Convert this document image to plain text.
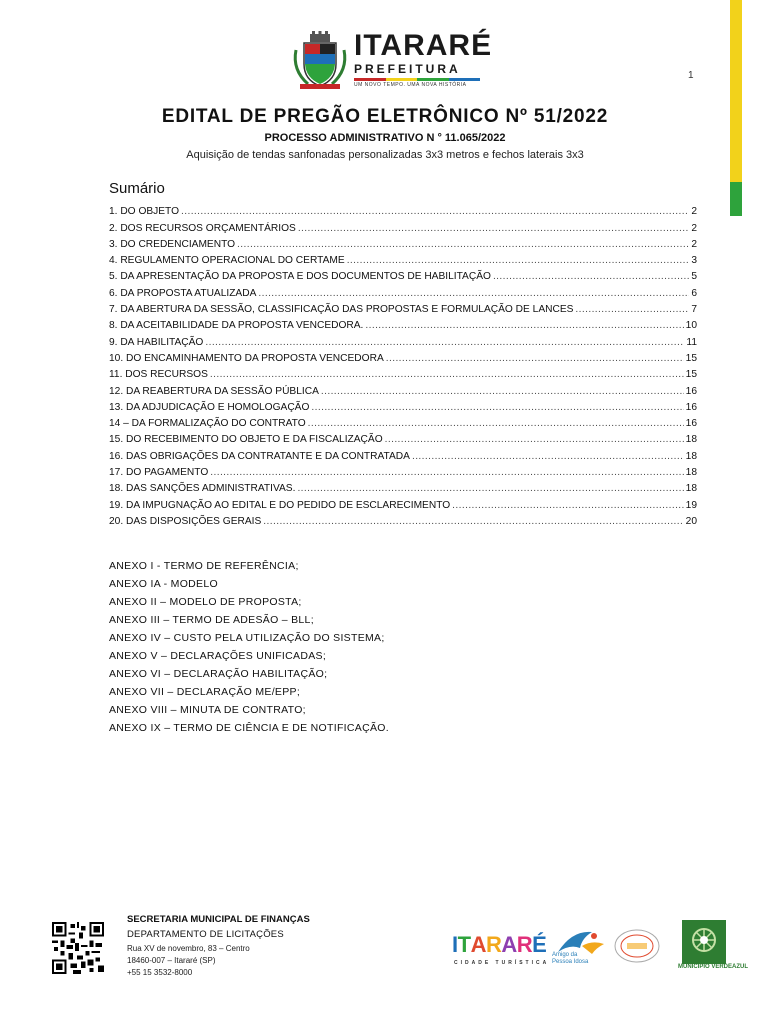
ITARARÉ
PREFEITURA
UM NOVO TEMPO. UMA NOVA HISTÓRIA
1
EDITAL DE PREGÃO ELETRÔNICO Nº 51/2022
PROCESSO ADMINISTRATIVO N ° 11.065/2022
Aquisição de tendas sanfonadas personalizadas 3x3 metros e fechos laterais 3x3
Sumário
1. DO OBJETO .....	2
2. DOS RECURSOS ORÇAMENTÁRIOS .....	2
3. DO CREDENCIAMENTO .....	2
4. REGULAMENTO OPERACIONAL DO CERTAME .....	3
5. DA APRESENTAÇÃO DA PROPOSTA E DOS DOCUMENTOS DE HABILITAÇÃO .....	5
6. DA PROPOSTA ATUALIZADA .....	6
7. DA ABERTURA DA SESSÃO, CLASSIFICAÇÃO DAS PROPOSTAS E FORMULAÇÃO DE LANCES .....	7
8. DA ACEITABILIDADE DA PROPOSTA VENCEDORA. .....	10
9. DA HABILITAÇÃO .....	11
10. DO ENCAMINHAMENTO DA PROPOSTA VENCEDORA .....	15
11. DOS RECURSOS .....	15
12. DA REABERTURA DA SESSÃO PÚBLICA .....	16
13. DA ADJUDICAÇÃO E HOMOLOGAÇÃO .....	16
14 – DA FORMALIZAÇÃO DO CONTRATO .....	16
15. DO RECEBIMENTO DO OBJETO E DA FISCALIZAÇÃO .....	18
16. DAS OBRIGAÇÕES DA CONTRATANTE E DA CONTRATADA .....	18
17. DO PAGAMENTO .....	18
18. DAS SANÇÕES ADMINISTRATIVAS. .....	18
19. DA IMPUGNAÇÃO AO EDITAL E DO PEDIDO DE ESCLARECIMENTO .....	19
20. DAS DISPOSIÇÕES GERAIS .....	20
ANEXO I - TERMO DE REFERÊNCIA;
ANEXO IA - MODELO
ANEXO II – MODELO DE PROPOSTA;
ANEXO III – TERMO DE ADESÃO – BLL;
ANEXO IV – CUSTO PELA UTILIZAÇÃO DO SISTEMA;
ANEXO V – DECLARAÇÕES UNIFICADAS;
ANEXO VI – DECLARAÇÃO HABILITAÇÃO;
ANEXO VII – DECLARAÇÃO ME/EPP;
ANEXO VIII – MINUTA DE CONTRATO;
ANEXO IX – TERMO DE CIÊNCIA E DE NOTIFICAÇÃO.
SECRETARIA MUNICIPAL DE FINANÇAS
DEPARTAMENTO DE LICITAÇÕES
Rua XV de novembro, 83 – Centro
18460-007 – Itararé (SP)
+55 15 3532-8000
ITARARÉ
CIDADE TURÍSTICA
Amigo da
Pessoa Idosa
MUNICÍPIO VERDEAZUL
